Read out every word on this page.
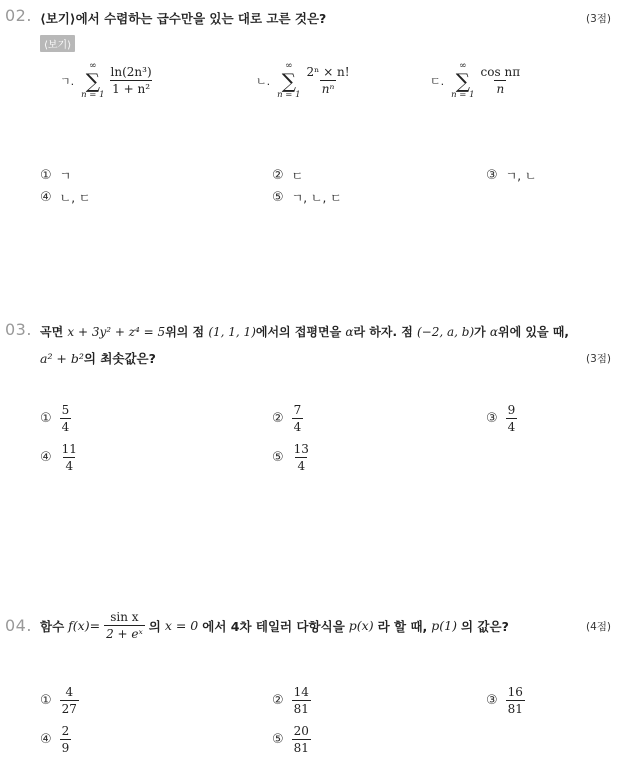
02. ⟨보기⟩에서 수렴하는 급수만을 있는 대로 고른 것은?	(3점)
⟨보기⟩
ㄱ.
∞
∑
$n = 1 \frac{\text{ln(2n³)}}{\text{1 + n²}}$	ㄴ.
∞
∑
$n = 1 \frac{\text{2ⁿ × n!}}{\text{nⁿ}}$	ㄷ.
∞
∑
$n = 1 \frac{\text{cos nπ}}{n}$
① ㄱ	② ㄷ	③ ㄱ, ㄴ
④ ㄴ, ㄷ	⑤ ㄱ, ㄴ, ㄷ
03. 곡면 x + 3y² + z⁴ = 5위의 점 (1, 1, 1)에서의 접평면을 α라 하자. 점 (−2, a, b)가 α위에 있을 때,
a² + b²의 최솟값은?	(3점)
① $\frac{5}{4}$	② $\frac{7}{4}$	③ $\frac{9}{4}$
④ $\frac{11}{4}$	⑤ $\frac{13}{4}$
04. 함수 $f(x)= \frac{\text{sin x}}{\text{2 + eˣ}}$ 의 x = 0 에서 4차 테일러 다항식을 p(x) 라 할 때, p(1) 의 값은?	(4점)
① $\frac{4}{27}$	② $\frac{14}{81}$	③ $\frac{16}{81}$
④ $\frac{2}{9}$	⑤ $\frac{20}{81}$
